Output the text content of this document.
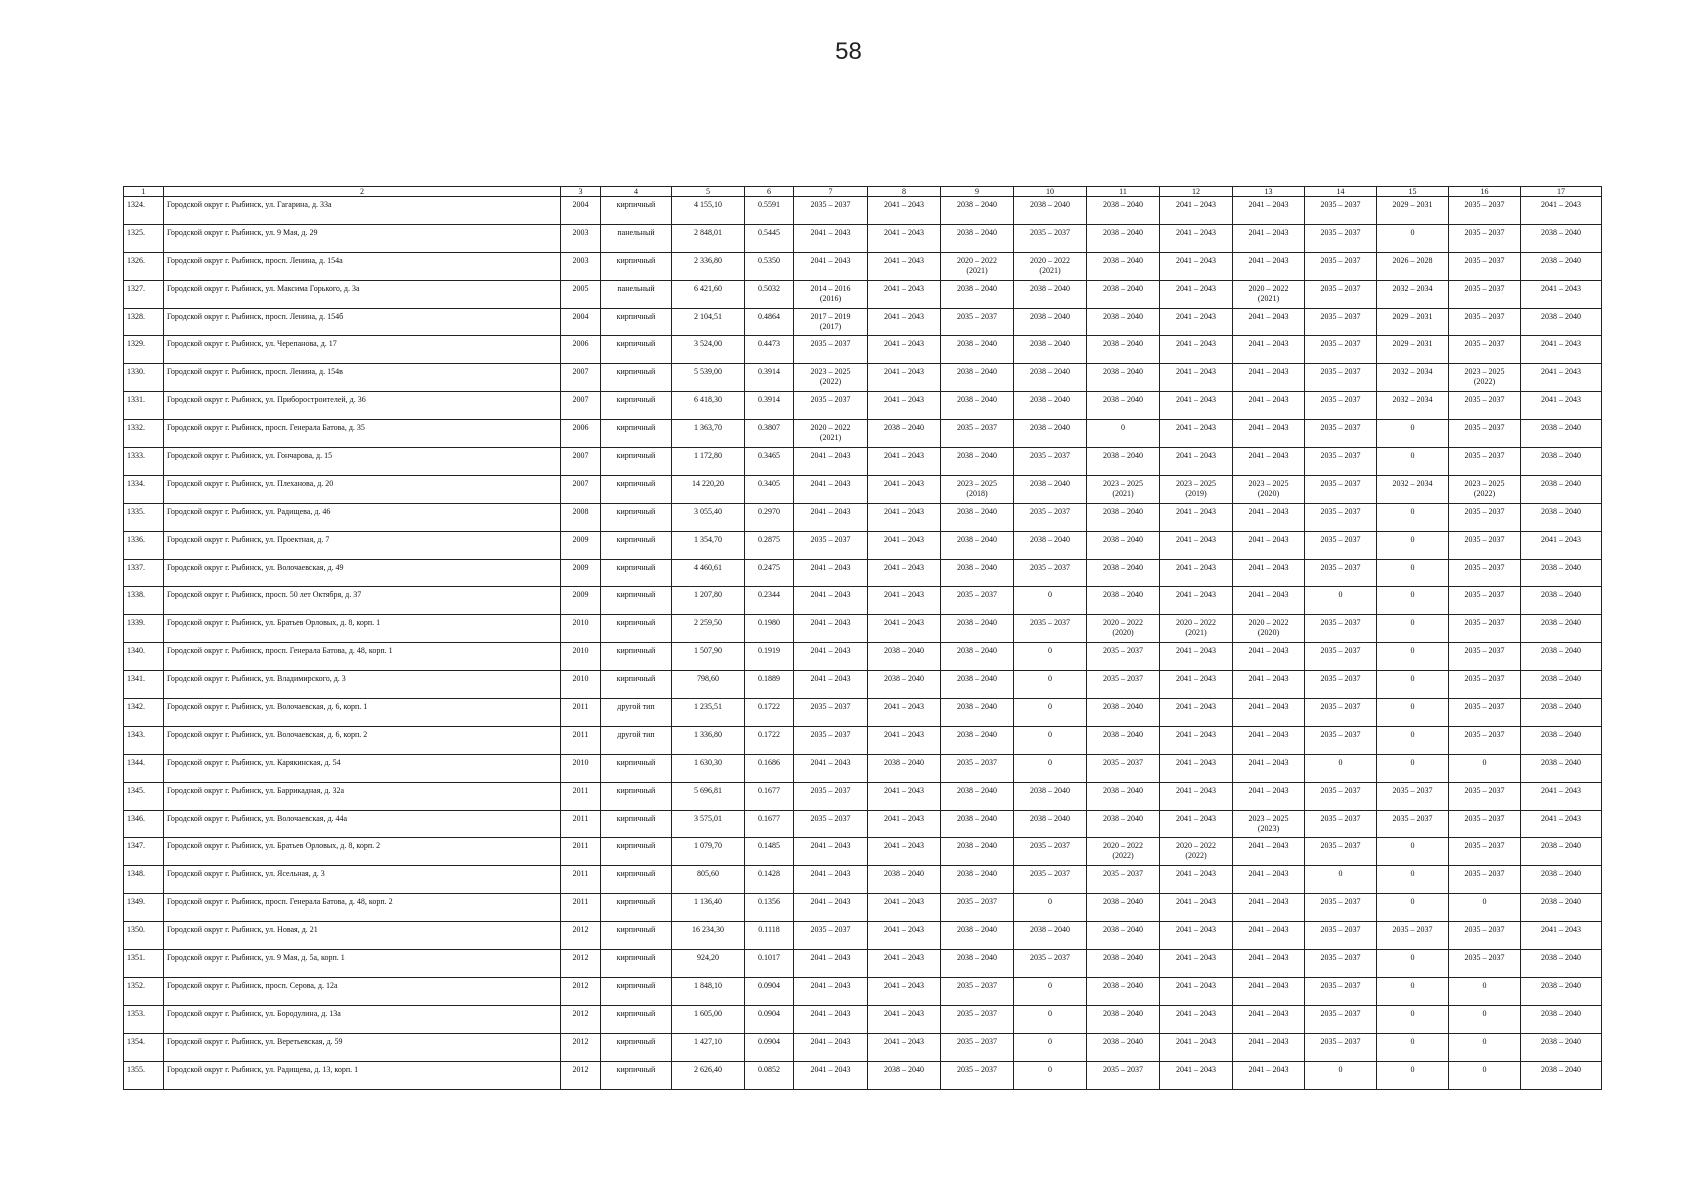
58
1	2	3	4	5	6	7	8	9	10	11	12	13	14	15	16	17

1324.	Городской округ г. Рыбинск, ул. Гагарина, д. 33а	2004	кирпичный	4 155,10	0.5591	2035 – 2037	2041 – 2043	2038 – 2040	2038 – 2040	2038 – 2040	2041 – 2043	2041 – 2043	2035 – 2037	2029 – 2031	2035 – 2037	2041 – 2043

1325.	Городской округ г. Рыбинск, ул. 9 Мая, д. 29	2003	панельный	2 848,01	0.5445	2041 – 2043	2041 – 2043	2038 – 2040	2035 – 2037	2038 – 2040	2041 – 2043	2041 – 2043	2035 – 2037	0	2035 – 2037	2038 – 2040

1326.	Городской округ г. Рыбинск, просп. Ленина, д. 154а	2003	кирпичный	2 336,80	0.5350	2041 – 2043	2041 – 2043	2020 – 2022
(2021)	2020 – 2022
(2021)	2038 – 2040	2041 – 2043	2041 – 2043	2035 – 2037	2026 – 2028	2035 – 2037	2038 – 2040

1327.	Городской округ г. Рыбинск, ул. Максима Горького, д. 3а	2005	панельный	6 421,60	0.5032	2014 – 2016
(2016)	2041 – 2043	2038 – 2040	2038 – 2040	2038 – 2040	2041 – 2043	2020 – 2022
(2021)	2035 – 2037	2032 – 2034	2035 – 2037	2041 – 2043

1328.	Городской округ г. Рыбинск, просп. Ленина, д. 154б	2004	кирпичный	2 104,51	0.4864	2017 – 2019
(2017)	2041 – 2043	2035 – 2037	2038 – 2040	2038 – 2040	2041 – 2043	2041 – 2043	2035 – 2037	2029 – 2031	2035 – 2037	2038 – 2040

1329.	Городской округ г. Рыбинск, ул. Черепанова, д. 17	2006	кирпичный	3 524,00	0.4473	2035 – 2037	2041 – 2043	2038 – 2040	2038 – 2040	2038 – 2040	2041 – 2043	2041 – 2043	2035 – 2037	2029 – 2031	2035 – 2037	2041 – 2043

1330.	Городской округ г. Рыбинск, просп. Ленина, д. 154в	2007	кирпичный	5 539,00	0.3914	2023 – 2025
(2022)	2041 – 2043	2038 – 2040	2038 – 2040	2038 – 2040	2041 – 2043	2041 – 2043	2035 – 2037	2032 – 2034	2023 – 2025
(2022)	2041 – 2043

1331.	Городской округ г. Рыбинск, ул. Приборостроителей, д. 36	2007	кирпичный	6 418,30	0.3914	2035 – 2037	2041 – 2043	2038 – 2040	2038 – 2040	2038 – 2040	2041 – 2043	2041 – 2043	2035 – 2037	2032 – 2034	2035 – 2037	2041 – 2043

1332.	Городской округ г. Рыбинск, просп. Генерала Батова, д. 35	2006	кирпичный	1 363,70	0.3807	2020 – 2022
(2021)	2038 – 2040	2035 – 2037	2038 – 2040	0	2041 – 2043	2041 – 2043	2035 – 2037	0	2035 – 2037	2038 – 2040

1333.	Городской округ г. Рыбинск, ул. Гончарова, д. 15	2007	кирпичный	1 172,80	0.3465	2041 – 2043	2041 – 2043	2038 – 2040	2035 – 2037	2038 – 2040	2041 – 2043	2041 – 2043	2035 – 2037	0	2035 – 2037	2038 – 2040

1334.	Городской округ г. Рыбинск, ул. Плеханова, д. 20	2007	кирпичный	14 220,20	0.3405	2041 – 2043	2041 – 2043	2023 – 2025
(2018)	2038 – 2040	2023 – 2025
(2021)	2023 – 2025
(2019)	2023 – 2025
(2020)	2035 – 2037	2032 – 2034	2023 – 2025
(2022)	2038 – 2040

1335.	Городской округ г. Рыбинск, ул. Радищева, д. 46	2008	кирпичный	3 055,40	0.2970	2041 – 2043	2041 – 2043	2038 – 2040	2035 – 2037	2038 – 2040	2041 – 2043	2041 – 2043	2035 – 2037	0	2035 – 2037	2038 – 2040

1336.	Городской округ г. Рыбинск, ул. Проектная, д. 7	2009	кирпичный	1 354,70	0.2875	2035 – 2037	2041 – 2043	2038 – 2040	2038 – 2040	2038 – 2040	2041 – 2043	2041 – 2043	2035 – 2037	0	2035 – 2037	2041 – 2043

1337.	Городской округ г. Рыбинск, ул. Волочаевская, д. 49	2009	кирпичный	4 460,61	0.2475	2041 – 2043	2041 – 2043	2038 – 2040	2035 – 2037	2038 – 2040	2041 – 2043	2041 – 2043	2035 – 2037	0	2035 – 2037	2038 – 2040

1338.	Городской округ г. Рыбинск, просп. 50 лет Октября, д. 37	2009	кирпичный	1 207,80	0.2344	2041 – 2043	2041 – 2043	2035 – 2037	0	2038 – 2040	2041 – 2043	2041 – 2043	0	0	2035 – 2037	2038 – 2040

1339.	Городской округ г. Рыбинск, ул. Братьев Орловых, д. 8, корп. 1	2010	кирпичный	2 259,50	0.1980	2041 – 2043	2041 – 2043	2038 – 2040	2035 – 2037	2020 – 2022
(2020)	2020 – 2022
(2021)	2020 – 2022
(2020)	2035 – 2037	0	2035 – 2037	2038 – 2040

1340.	Городской округ г. Рыбинск, просп. Генерала Батова, д. 48, корп. 1	2010	кирпичный	1 507,90	0.1919	2041 – 2043	2038 – 2040	2038 – 2040	0	2035 – 2037	2041 – 2043	2041 – 2043	2035 – 2037	0	2035 – 2037	2038 – 2040

1341.	Городской округ г. Рыбинск, ул. Владимирского, д. 3	2010	кирпичный	798,60	0.1889	2041 – 2043	2038 – 2040	2038 – 2040	0	2035 – 2037	2041 – 2043	2041 – 2043	2035 – 2037	0	2035 – 2037	2038 – 2040

1342.	Городской округ г. Рыбинск, ул. Волочаевская, д. 6, корп. 1	2011	другой тип	1 235,51	0.1722	2035 – 2037	2041 – 2043	2038 – 2040	0	2038 – 2040	2041 – 2043	2041 – 2043	2035 – 2037	0	2035 – 2037	2038 – 2040

1343.	Городской округ г. Рыбинск, ул. Волочаевская, д. 6, корп. 2	2011	другой тип	1 336,80	0.1722	2035 – 2037	2041 – 2043	2038 – 2040	0	2038 – 2040	2041 – 2043	2041 – 2043	2035 – 2037	0	2035 – 2037	2038 – 2040

1344.	Городской округ г. Рыбинск, ул. Карякинская, д. 54	2010	кирпичный	1 630,30	0.1686	2041 – 2043	2038 – 2040	2035 – 2037	0	2035 – 2037	2041 – 2043	2041 – 2043	0	0	0	2038 – 2040

1345.	Городской округ г. Рыбинск, ул. Баррикадная, д. 32а	2011	кирпичный	5 696,81	0.1677	2035 – 2037	2041 – 2043	2038 – 2040	2038 – 2040	2038 – 2040	2041 – 2043	2041 – 2043	2035 – 2037	2035 – 2037	2035 – 2037	2041 – 2043

1346.	Городской округ г. Рыбинск, ул. Волочаевская, д. 44а	2011	кирпичный	3 575,01	0.1677	2035 – 2037	2041 – 2043	2038 – 2040	2038 – 2040	2038 – 2040	2041 – 2043	2023 – 2025
(2023)	2035 – 2037	2035 – 2037	2035 – 2037	2041 – 2043

1347.	Городской округ г. Рыбинск, ул. Братьев Орловых, д. 8, корп. 2	2011	кирпичный	1 079,70	0.1485	2041 – 2043	2041 – 2043	2038 – 2040	2035 – 2037	2020 – 2022
(2022)	2020 – 2022
(2022)	2041 – 2043	2035 – 2037	0	2035 – 2037	2038 – 2040

1348.	Городской округ г. Рыбинск, ул. Ясельная, д. 3	2011	кирпичный	805,60	0.1428	2041 – 2043	2038 – 2040	2038 – 2040	2035 – 2037	2035 – 2037	2041 – 2043	2041 – 2043	0	0	2035 – 2037	2038 – 2040

1349.	Городской округ г. Рыбинск, просп. Генерала Батова, д. 48, корп. 2	2011	кирпичный	1 136,40	0.1356	2041 – 2043	2041 – 2043	2035 – 2037	0	2038 – 2040	2041 – 2043	2041 – 2043	2035 – 2037	0	0	2038 – 2040

1350.	Городской округ г. Рыбинск, ул. Новая, д. 21	2012	кирпичный	16 234,30	0.1118	2035 – 2037	2041 – 2043	2038 – 2040	2038 – 2040	2038 – 2040	2041 – 2043	2041 – 2043	2035 – 2037	2035 – 2037	2035 – 2037	2041 – 2043

1351.	Городской округ г. Рыбинск, ул. 9 Мая, д. 5а, корп. 1	2012	кирпичный	924,20	0.1017	2041 – 2043	2041 – 2043	2038 – 2040	2035 – 2037	2038 – 2040	2041 – 2043	2041 – 2043	2035 – 2037	0	2035 – 2037	2038 – 2040

1352.	Городской округ г. Рыбинск, просп. Серова, д. 12а	2012	кирпичный	1 848,10	0.0904	2041 – 2043	2041 – 2043	2035 – 2037	0	2038 – 2040	2041 – 2043	2041 – 2043	2035 – 2037	0	0	2038 – 2040

1353.	Городской округ г. Рыбинск, ул. Бородулина, д. 13а	2012	кирпичный	1 605,00	0.0904	2041 – 2043	2041 – 2043	2035 – 2037	0	2038 – 2040	2041 – 2043	2041 – 2043	2035 – 2037	0	0	2038 – 2040

1354.	Городской округ г. Рыбинск, ул. Веретьевская, д. 59	2012	кирпичный	1 427,10	0.0904	2041 – 2043	2041 – 2043	2035 – 2037	0	2038 – 2040	2041 – 2043	2041 – 2043	2035 – 2037	0	0	2038 – 2040

1355.	Городской округ г. Рыбинск, ул. Радищева, д. 13, корп. 1	2012	кирпичный	2 626,40	0.0852	2041 – 2043	2038 – 2040	2035 – 2037	0	2035 – 2037	2041 – 2043	2041 – 2043	0	0	0	2038 – 2040
